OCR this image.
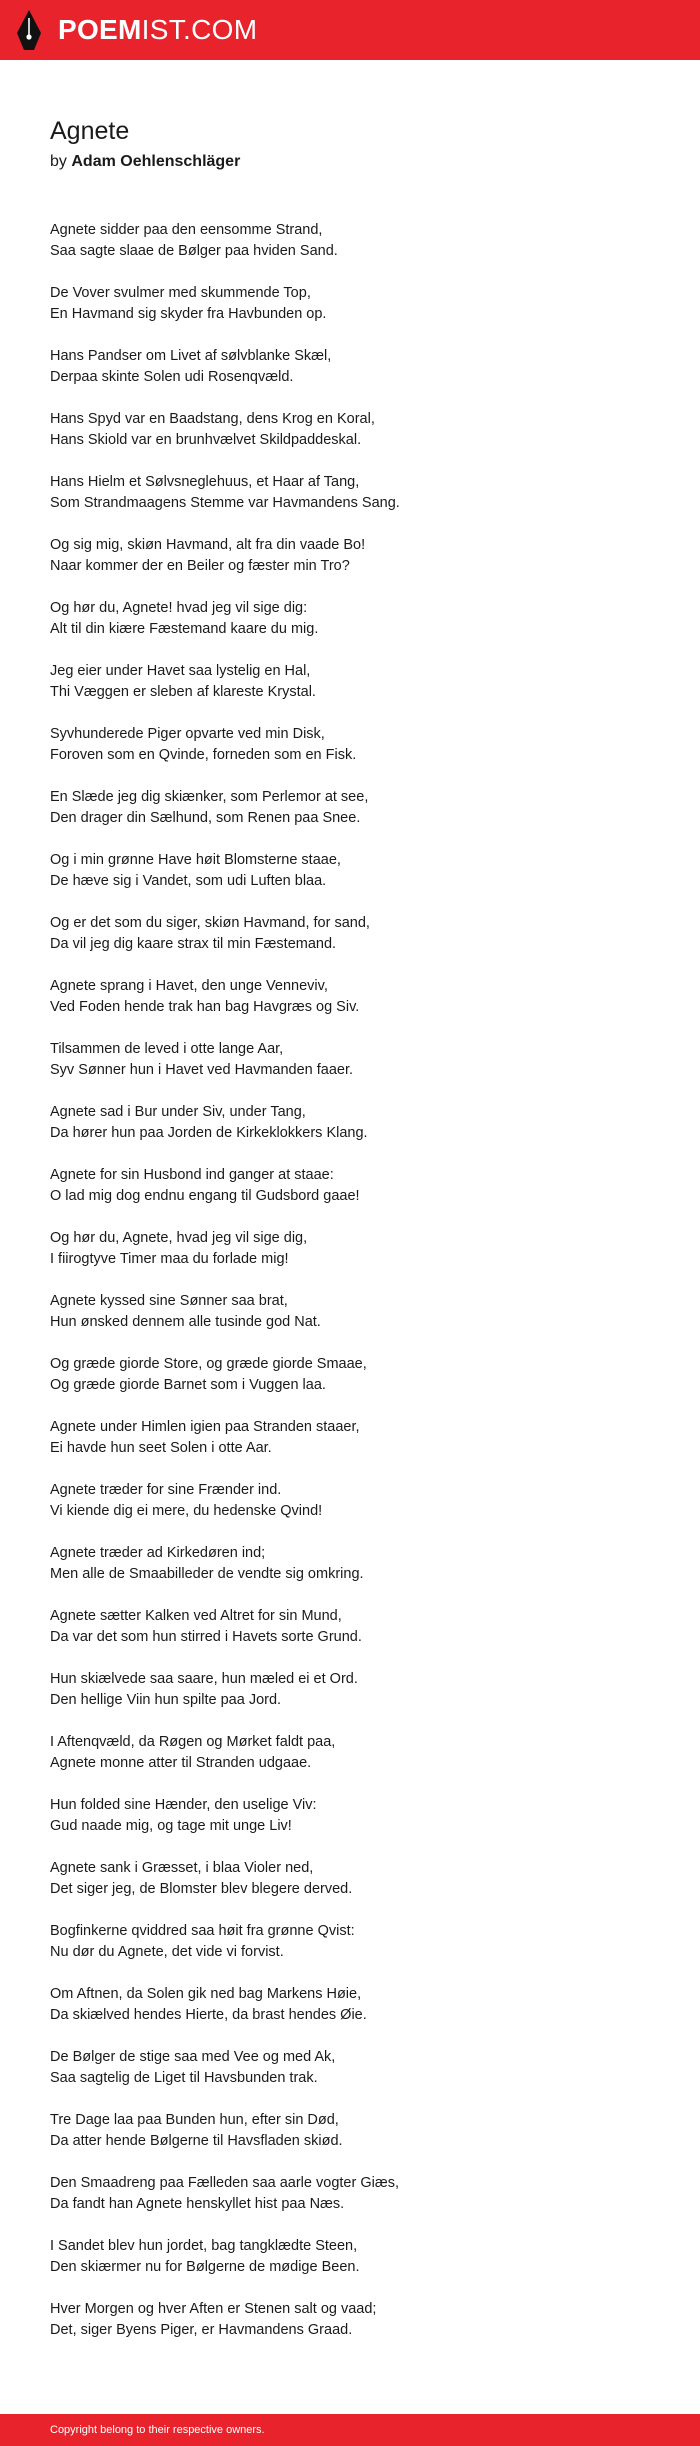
POEMIST.COM
Agnete

by Adam Oehlenschläger

Agnete sidder paa den eensomme Strand,
Saa sagte slaae de Bølger paa hviden Sand.

De Vover svulmer med skummende Top,
En Havmand sig skyder fra Havbunden op.

Hans Pandser om Livet af sølvblanke Skæl,
Derpaa skinte Solen udi Rosenqvæld.

Hans Spyd var en Baadstang, dens Krog en Koral,
Hans Skiold var en brunhvælvet Skildpaddeskal.

Hans Hielm et Sølvsneglehuus, et Haar af Tang,
Som Strandmaagens Stemme var Havmandens Sang.

Og sig mig, skiøn Havmand, alt fra din vaade Bo!
Naar kommer der en Beiler og fæster min Tro?

Og hør du, Agnete! hvad jeg vil sige dig:
Alt til din kiære Fæstemand kaare du mig.

Jeg eier under Havet saa lystelig en Hal,
Thi Væggen er sleben af klareste Krystal.

Syvhunderede Piger opvarte ved min Disk,
Foroven som en Qvinde, forneden som en Fisk.

En Slæde jeg dig skiænker, som Perlemor at see,
Den drager din Sælhund, som Renen paa Snee.

Og i min grønne Have høit Blomsterne staae,
De hæve sig i Vandet, som udi Luften blaa.

Og er det som du siger, skiøn Havmand, for sand,
Da vil jeg dig kaare strax til min Fæstemand.

Agnete sprang i Havet, den unge Venneviv,
Ved Foden hende trak han bag Havgræs og Siv.

Tilsammen de leved i otte lange Aar,
Syv Sønner hun i Havet ved Havmanden faaer.

Agnete sad i Bur under Siv, under Tang,
Da hører hun paa Jorden de Kirkeklokkers Klang.

Agnete for sin Husbond ind ganger at staae:
O lad mig dog endnu engang til Gudsbord gaae!

Og hør du, Agnete, hvad jeg vil sige dig,
I fiirogtyve Timer maa du forlade mig!

Agnete kyssed sine Sønner saa brat,
Hun ønsked dennem alle tusinde god Nat.

Og græde giorde Store, og græde giorde Smaae,
Og græde giorde Barnet som i Vuggen laa.

Agnete under Himlen igien paa Stranden staaer,
Ei havde hun seet Solen i otte Aar.

Agnete træder for sine Frænder ind.
Vi kiende dig ei mere, du hedenske Qvind!

Agnete træder ad Kirkedøren ind;
Men alle de Smaabilleder de vendte sig omkring.

Agnete sætter Kalken ved Altret for sin Mund,
Da var det som hun stirred i Havets sorte Grund.

Hun skiælvede saa saare, hun mæled ei et Ord.
Den hellige Viin hun spilte paa Jord.

I Aftenqvæld, da Røgen og Mørket faldt paa,
Agnete monne atter til Stranden udgaae.

Hun folded sine Hænder, den uselige Viv:
Gud naade mig, og tage mit unge Liv!

Agnete sank i Græsset, i blaa Violer ned,
Det siger jeg, de Blomster blev blegere derved.

Bogfinkerne qviddred saa høit fra grønne Qvist:
Nu dør du Agnete, det vide vi forvist.

Om Aftnen, da Solen gik ned bag Markens Høie,
Da skiælved hendes Hierte, da brast hendes Øie.

De Bølger de stige saa med Vee og med Ak,
Saa sagtelig de Liget til Havsbunden trak.

Tre Dage laa paa Bunden hun, efter sin Død,
Da atter hende Bølgerne til Havsfladen skiød.

Den Smaadreng paa Fælleden saa aarle vogter Giæs,
Da fandt han Agnete henskyllet hist paa Næs.

I Sandet blev hun jordet, bag tangklædte Steen,
Den skiærmer nu for Bølgerne de mødige Been.

Hver Morgen og hver Aften er Stenen salt og vaad;
Det, siger Byens Piger, er Havmandens Graad.

Copyright belong to their respective owners.
